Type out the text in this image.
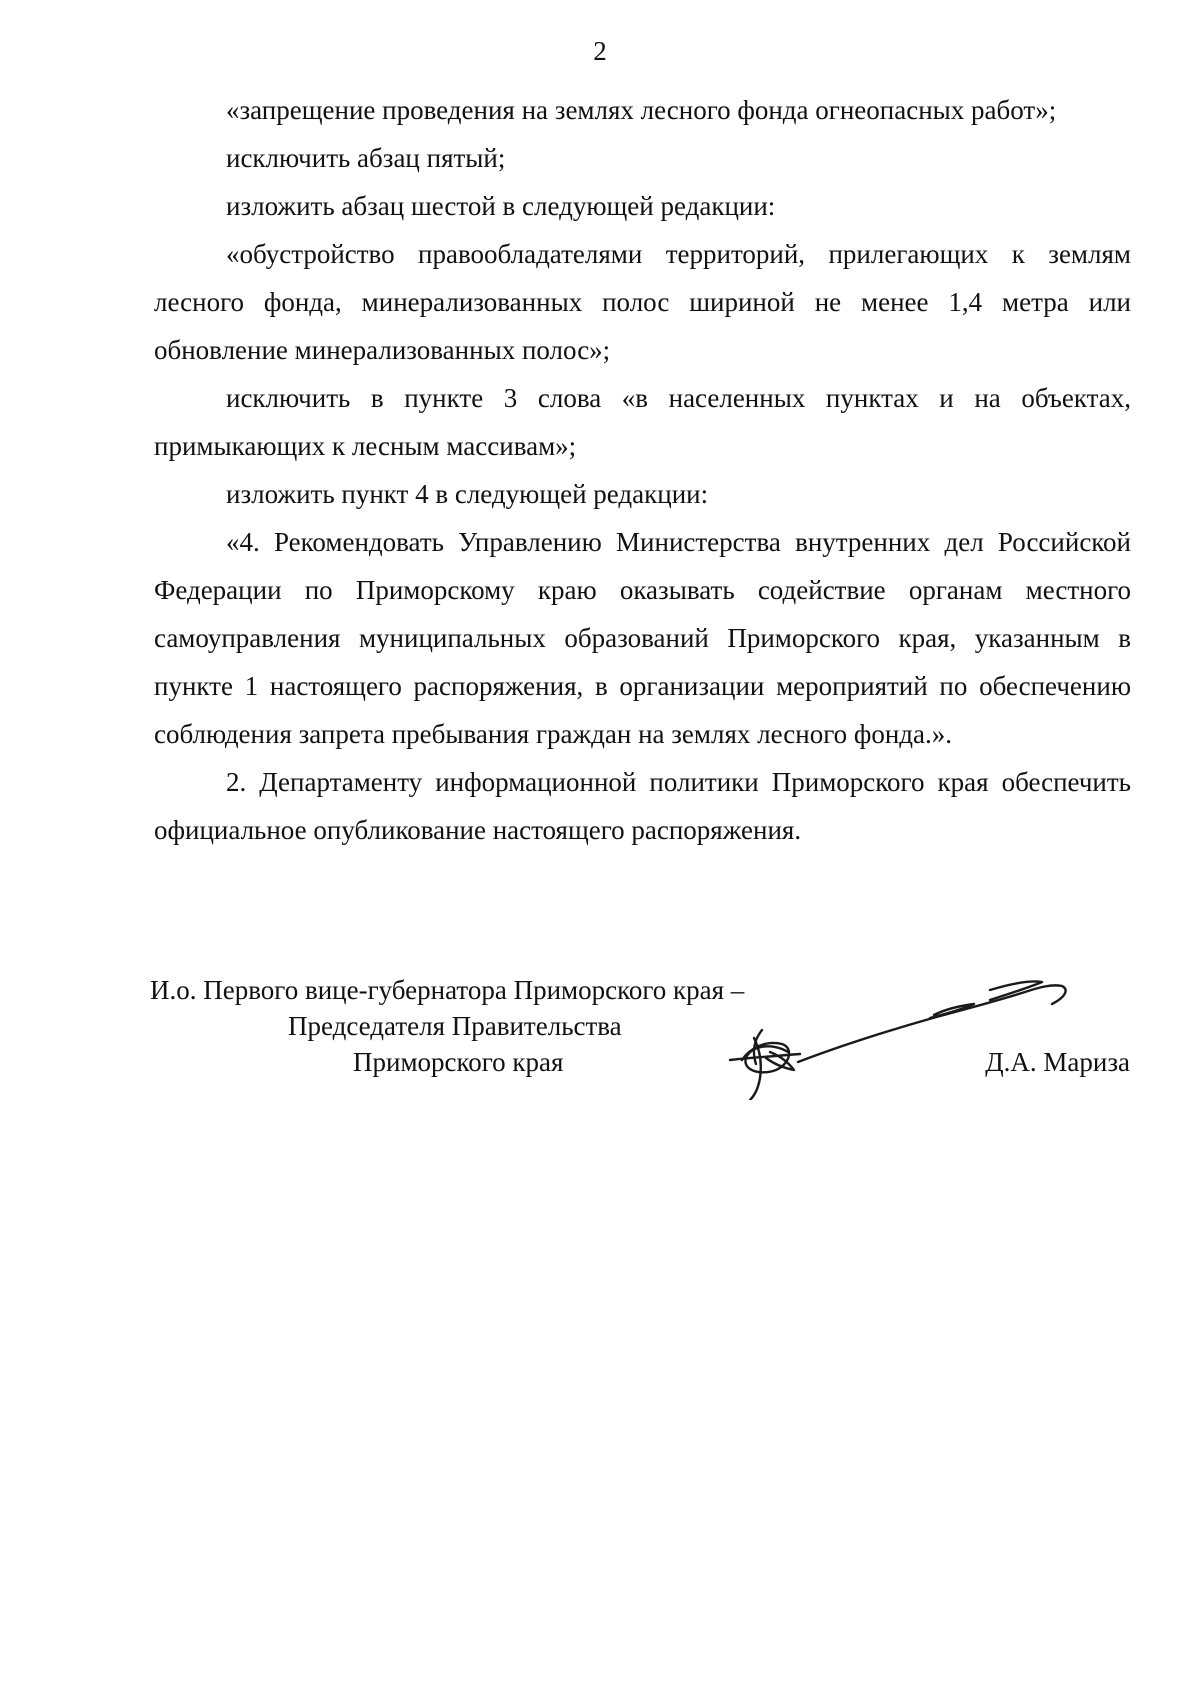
2

«запрещение проведения на землях лесного фонда огнеопасных работ»;

исключить абзац пятый;

изложить абзац шестой в следующей редакции:

«обустройство правообладателями территорий, прилегающих к землям лесного фонда, минерализованных полос шириной не менее 1,4 метра или обновление минерализованных полос»;

исключить в пункте 3 слова «в населенных пунктах и на объектах, примыкающих к лесным массивам»;

изложить пункт 4 в следующей редакции:

«4. Рекомендовать Управлению Министерства внутренних дел Российской Федерации по Приморскому краю оказывать содействие органам местного самоуправления муниципальных образований Приморского края, указанным в пункте 1 настоящего распоряжения, в организации мероприятий по обеспечению соблюдения запрета пребывания граждан на землях лесного фонда.».

2. Департаменту информационной политики Приморского края обеспечить официальное опубликование настоящего распоряжения.

И.о. Первого вице-губернатора Приморского края –
Председателя Правительства
Приморского края	Д.А. Мариза
